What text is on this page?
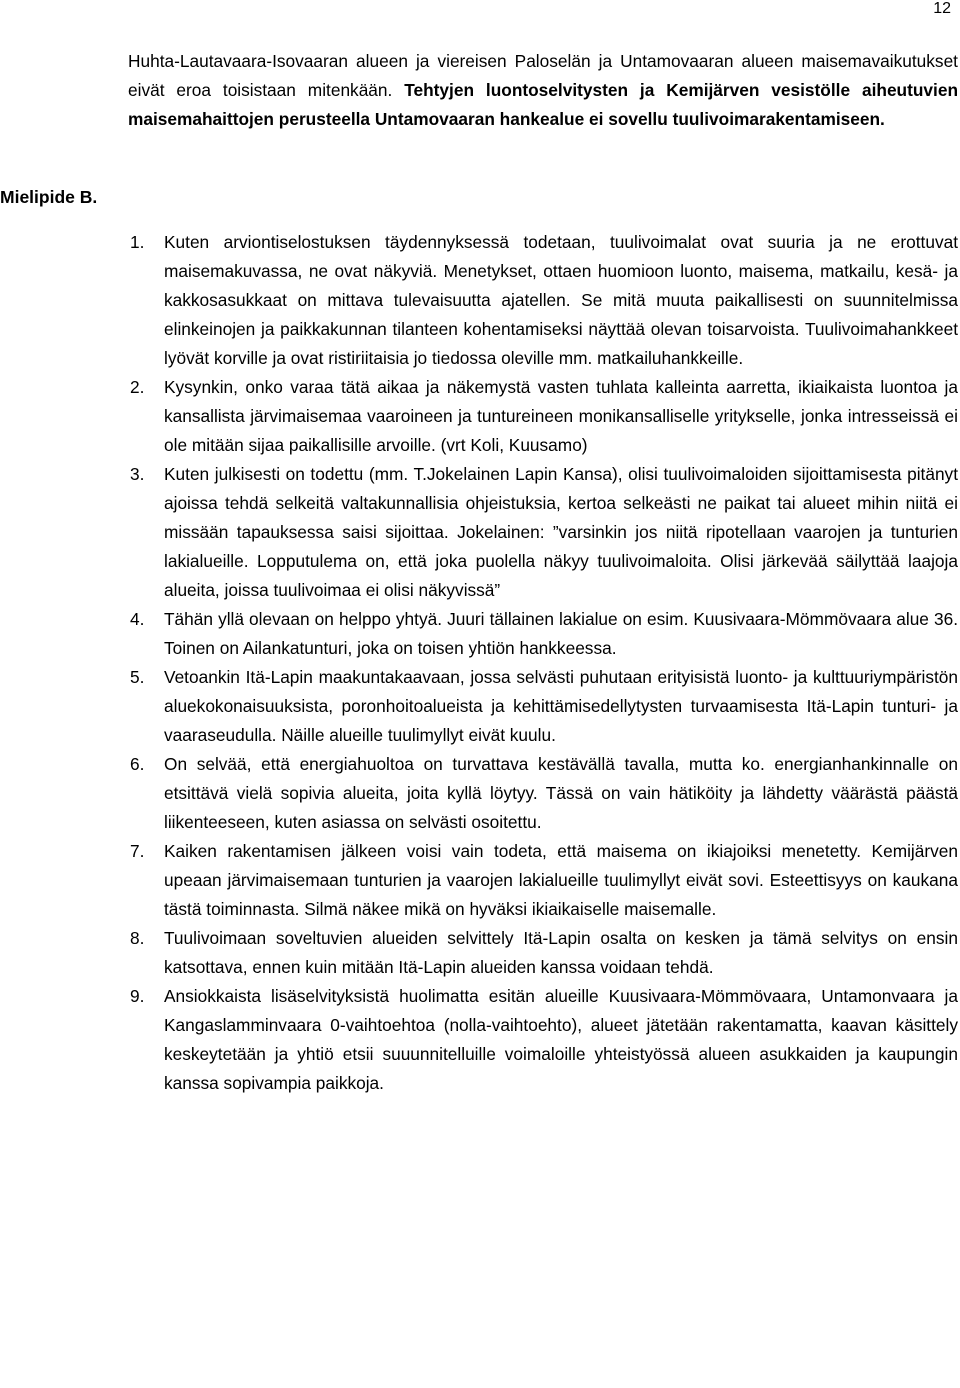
12
Huhta-Lautavaara-Isovaaran alueen ja viereisen Paloselän ja Untamovaaran alueen maisemavaikutukset eivät eroa toisistaan mitenkään. Tehtyjen luontoselvitysten ja Kemijärven vesistölle aiheutuvien maisemahaittojen perusteella Untamovaaran hankealue ei sovellu tuulivoimarakentamiseen.
Mielipide B.
1. Kuten arviontiselostuksen täydennyksessä todetaan, tuulivoimalat ovat suuria ja ne erottuvat maisemakuvassa, ne ovat näkyviä. Menetykset, ottaen huomioon luonto, maisema, matkailu, kesä- ja kakkosasukkaat on mittava tulevaisuutta ajatellen. Se mitä muuta paikallisesti on suunnitelmissa elinkeinojen ja paikkakunnan tilanteen kohentamiseksi näyttää olevan toisarvoista. Tuulivoimahankkeet lyövät korville ja ovat ristiriitaisia jo tiedossa oleville mm. matkailuhankkeille.
2. Kysynkin, onko varaa tätä aikaa ja näkemystä vasten tuhlata kalleinta aarretta, ikiaikaista luontoa ja kansallista järvimaisemaa vaaroineen ja tuntureineen monikansalliselle yritykselle, jonka intresseissä ei ole mitään sijaa paikallisille arvoille. (vrt Koli, Kuusamo)
3. Kuten julkisesti on todettu (mm. T.Jokelainen Lapin Kansa), olisi tuulivoimaloiden sijoittamisesta pitänyt ajoissa tehdä selkeitä valtakunnallisia ohjeistuksia, kertoa selkeästi ne paikat tai alueet mihin niitä ei missään tapauksessa saisi sijoittaa. Jokelainen: ”varsinkin jos niitä ripotellaan vaarojen ja tunturien lakialueille. Lopputulema on, että joka puolella näkyy tuulivoimaloita. Olisi järkevää säilyttää laajoja alueita, joissa tuulivoimaa ei olisi näkyvissä”
4. Tähän yllä olevaan on helppo yhtyä. Juuri tällainen lakialue on esim. Kuusivaara-Mömmövaara alue 36. Toinen on Ailankatunturi, joka on toisen yhtiön hankkeessa.
5. Vetoankin Itä-Lapin maakuntakaavaan, jossa selvästi puhutaan erityisistä luonto- ja kulttuuriympäristön aluekokonaisuuksista, poronhoitoalueista ja kehittämisedellytysten turvaamisesta Itä-Lapin tunturi- ja vaaraseudulla. Näille alueille tuulimyllyt eivät kuulu.
6. On selvää, että energiahuoltoa on turvattava kestävällä tavalla, mutta ko. energianhankinnalle on etsittävä vielä sopivia alueita, joita kyllä löytyy. Tässä on vain hätiköity ja lähdetty väärästä päästä liikenteeseen, kuten asiassa on selvästi osoitettu.
7. Kaiken rakentamisen jälkeen voisi vain todeta, että maisema on ikiajoiksi menetetty. Kemijärven upeaan järvimaisemaan tunturien ja vaarojen lakialueille tuulimyllyt eivät sovi. Esteettisyys on kaukana tästä toiminnasta. Silmä näkee mikä on hyväksi ikiaikaiselle maisemalle.
8. Tuulivoimaan soveltuvien alueiden selvittely Itä-Lapin osalta on kesken ja tämä selvitys on ensin katsottava, ennen kuin mitään Itä-Lapin alueiden kanssa voidaan tehdä.
9. Ansiokkaista lisäselvityksistä huolimatta esitän alueille Kuusivaara-Mömmövaara, Untamonvaara ja Kangaslamminvaara 0-vaihtoehtoa (nolla-vaihtoehto), alueet jätetään rakentamatta, kaavan käsittely keskeytetään ja yhtiö etsii suuunnitelluille voimaloille yhteistyössä alueen asukkaiden ja kaupungin kanssa sopivampia paikkoja.
